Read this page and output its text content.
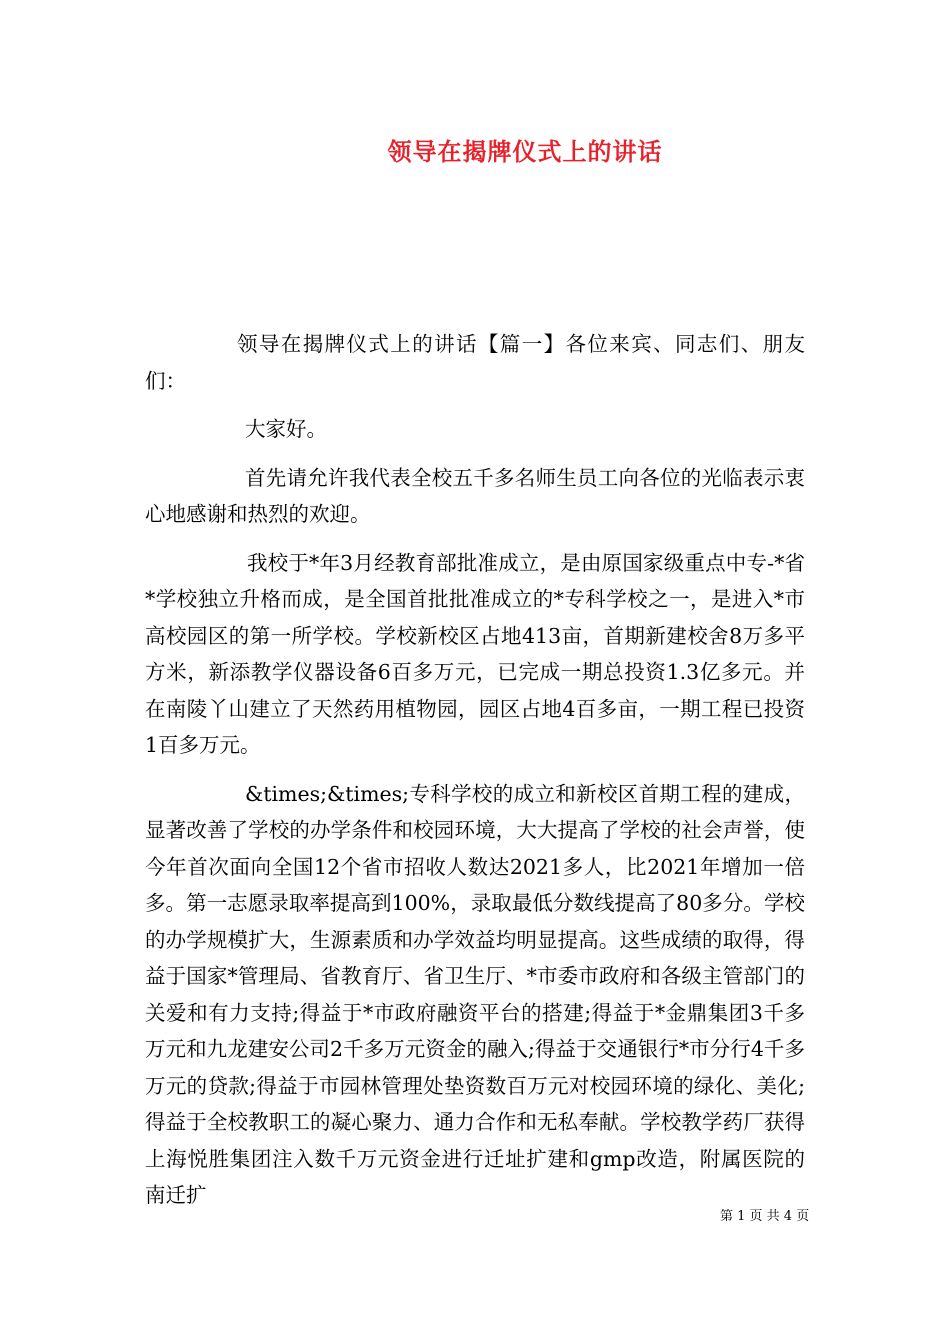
领导在揭牌仪式上的讲话

领导在揭牌仪式上的讲话【篇一】各位来宾、同志们、朋友们：

大家好。

首先请允许我代表全校五千多名师生员工向各位的光临表示衷心地感谢和热烈的欢迎。

我校于*年3月经教育部批准成立，是由原国家级重点中专-*省*学校独立升格而成，是全国首批批准成立的*专科学校之一，是进入*市高校园区的第一所学校。学校新校区占地413亩，首期新建校舍8万多平方米，新添教学仪器设备6百多万元，已完成一期总投资1.3亿多元。并在南陵丫山建立了天然药用植物园，园区占地4百多亩，一期工程已投资1百多万元。

&times;&times;专科学校的成立和新校区首期工程的建成，显著改善了学校的办学条件和校园环境，大大提高了学校的社会声誉，使今年首次面向全国12个省市招收人数达2021多人，比2021年增加一倍多。第一志愿录取率提高到100%，录取最低分数线提高了80多分。学校的办学规模扩大，生源素质和办学效益均明显提高。这些成绩的取得，得益于国家*管理局、省教育厅、省卫生厅、*市委市政府和各级主管部门的关爱和有力支持;得益于*市政府融资平台的搭建;得益于*金鼎集团3千多万元和九龙建安公司2千多万元资金的融入;得益于交通银行*市分行4千多万元的贷款;得益于市园林管理处垫资数百万元对校园环境的绿化、美化;得益于全校教职工的凝心聚力、通力合作和无私奉献。学校教学药厂获得上海悦胜集团注入数千万元资金进行迁址扩建和gmp改造，附属医院的南迁扩

第 1 页 共 4 页
